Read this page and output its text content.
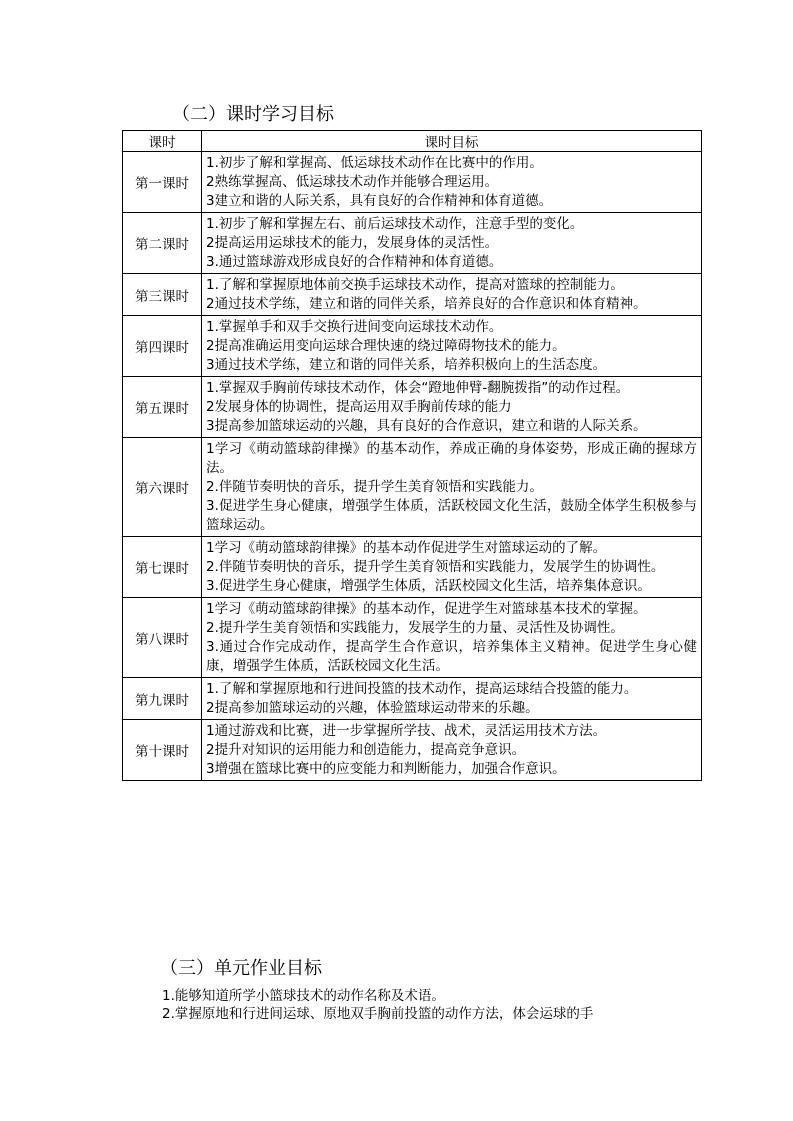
（二）课时学习目标
课时	课时目标
第一课时	1.初步了解和掌握高、低运球技术动作在比赛中的作用。
2熟练掌握高、低运球技术动作并能够合理运用。
3建立和谐的人际关系，具有良好的合作精神和体育道德。

第二课时	1.初步了解和掌握左右、前后运球技术动作，注意手型的变化。
2提高运用运球技术的能力，发展身体的灵活性。
3.通过篮球游戏形成良好的合作精神和体育道德。

第三课时	1.了解和掌握原地体前交换手运球技术动作，提高对篮球的控制能力。
2通过技术学练，建立和谐的同伴关系，培养良好的合作意识和体育精神。

第四课时	1.掌握单手和双手交换行进间变向运球技术动作。
2提高准确运用变向运球合理快速的绕过障碍物技术的能力。
3通过技术学练，建立和谐的同伴关系，培养积极向上的生活态度。

第五课时	1.掌握双手胸前传球技术动作，体会“蹬地伸臂-翻腕拨指”的动作过程。
2发展身体的协调性，提高运用双手胸前传球的能力
3提高参加篮球运动的兴趣，具有良好的合作意识，建立和谐的人际关系。

第六课时	1学习《萌动篮球韵律操》的基本动作，养成正确的身体姿势，形成正确的握球方法。
2.伴随节奏明快的音乐，提升学生美育领悟和实践能力。
3.促进学生身心健康，增强学生体质，活跃校园文化生活，鼓励全体学生积极参与篮球运动。

第七课时	1学习《萌动篮球韵律操》的基本动作促进学生对篮球运动的了解。
2.伴随节奏明快的音乐，提升学生美育领悟和实践能力，发展学生的协调性。
3.促进学生身心健康，增强学生体质，活跃校园文化生活，培养集体意识。

第八课时	1学习《萌动篮球韵律操》的基本动作，促进学生对篮球基本技术的掌握。
2.提升学生美育领悟和实践能力，发展学生的力量、灵活性及协调性。
3.通过合作完成动作，提高学生合作意识，培养集体主义精神。促进学生身心健康，增强学生体质，活跃校园文化生活。

第九课时	1.了解和掌握原地和行进间投篮的技术动作，提高运球结合投篮的能力。
2提高参加篮球运动的兴趣，体验篮球运动带来的乐趣。

第十课时	1通过游戏和比赛，进一步掌握所学技、战术，灵活运用技术方法。
2提升对知识的运用能力和创造能力，提高竞争意识。
3增强在篮球比赛中的应变能力和判断能力，加强合作意识。
（三）单元作业目标
1.能够知道所学小篮球技术的动作名称及术语。
2.掌握原地和行进间运球、原地双手胸前投篮的动作方法，体会运球的手
